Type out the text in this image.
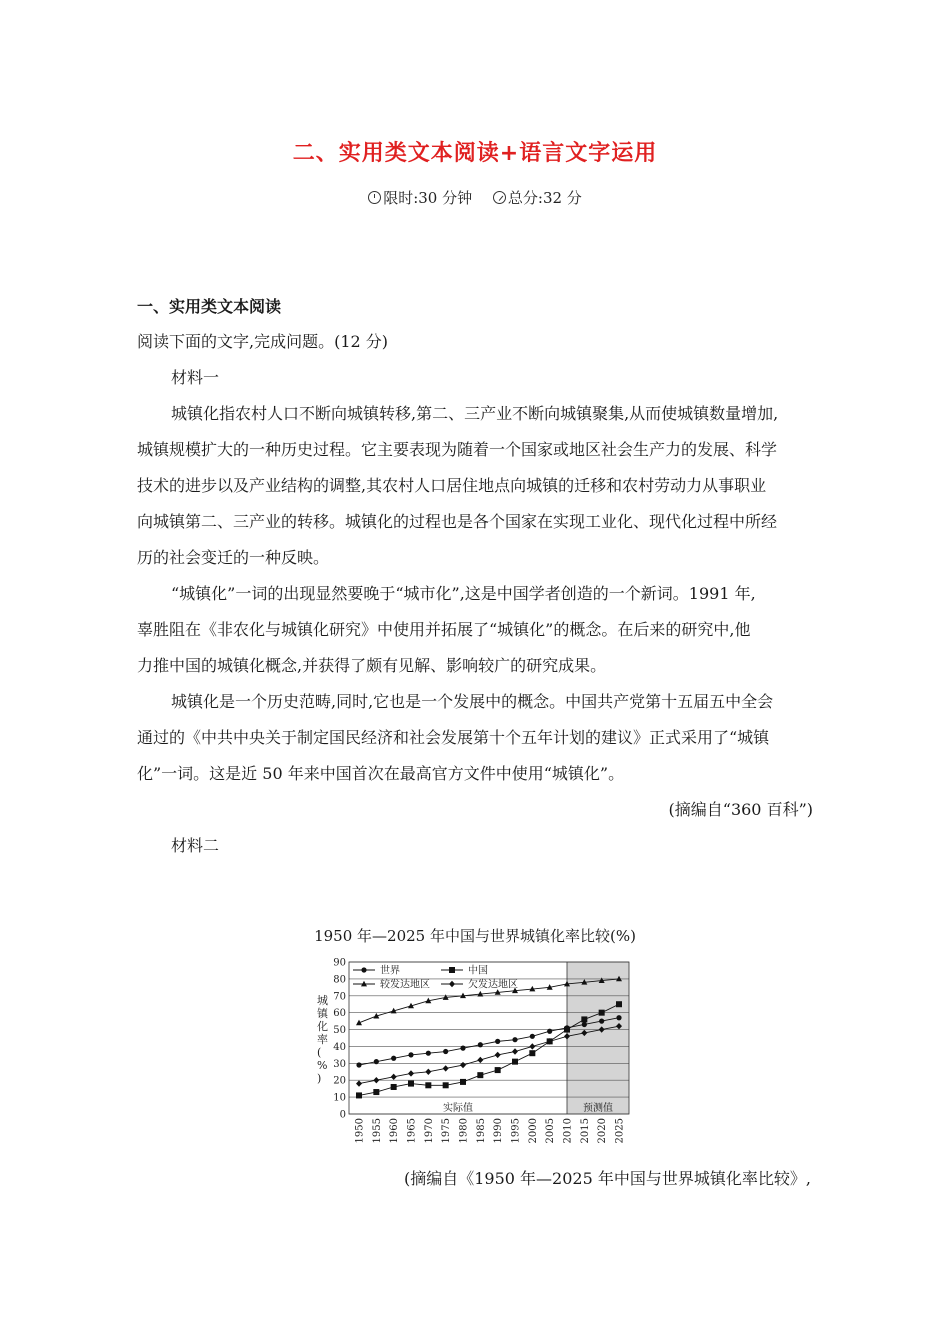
二、实用类文本阅读+语言文字运用
限时:30 分钟 总分:32 分

一、实用类文本阅读

阅读下面的文字,完成问题。(12 分)

材料一

城镇化指农村人口不断向城镇转移,第二、三产业不断向城镇聚集,从而使城镇数量增加,

城镇规模扩大的一种历史过程。它主要表现为随着一个国家或地区社会生产力的发展、科学

技术的进步以及产业结构的调整,其农村人口居住地点向城镇的迁移和农村劳动力从事职业

向城镇第二、三产业的转移。城镇化的过程也是各个国家在实现工业化、现代化过程中所经

历的社会变迁的一种反映。

“城镇化”一词的出现显然要晚于“城市化”,这是中国学者创造的一个新词。1991 年,

辜胜阻在《非农化与城镇化研究》中使用并拓展了“城镇化”的概念。在后来的研究中,他

力推中国的城镇化概念,并获得了颇有见解、影响较广的研究成果。

城镇化是一个历史范畴,同时,它也是一个发展中的概念。中国共产党第十五届五中全会

通过的《中共中央关于制定国民经济和社会发展第十个五年计划的建议》正式采用了“城镇

化”一词。这是近 50 年来中国首次在最高官方文件中使用“城镇化”。

(摘编自“360 百科”)

材料二

1950 年—2025 年中国与世界城镇化率比较(%)
实际值	预测值
0
10
20
30
40
50
60
70
80
90
1950 1955 1960 1965 1970 1975 1980 1985 1990 1995 2000 2005 2010 2015 2020 2025
城镇化率( % )
世界	中国
较发达地区	欠发达地区
(摘编自《1950 年—2025 年中国与世界城镇化率比较》,
